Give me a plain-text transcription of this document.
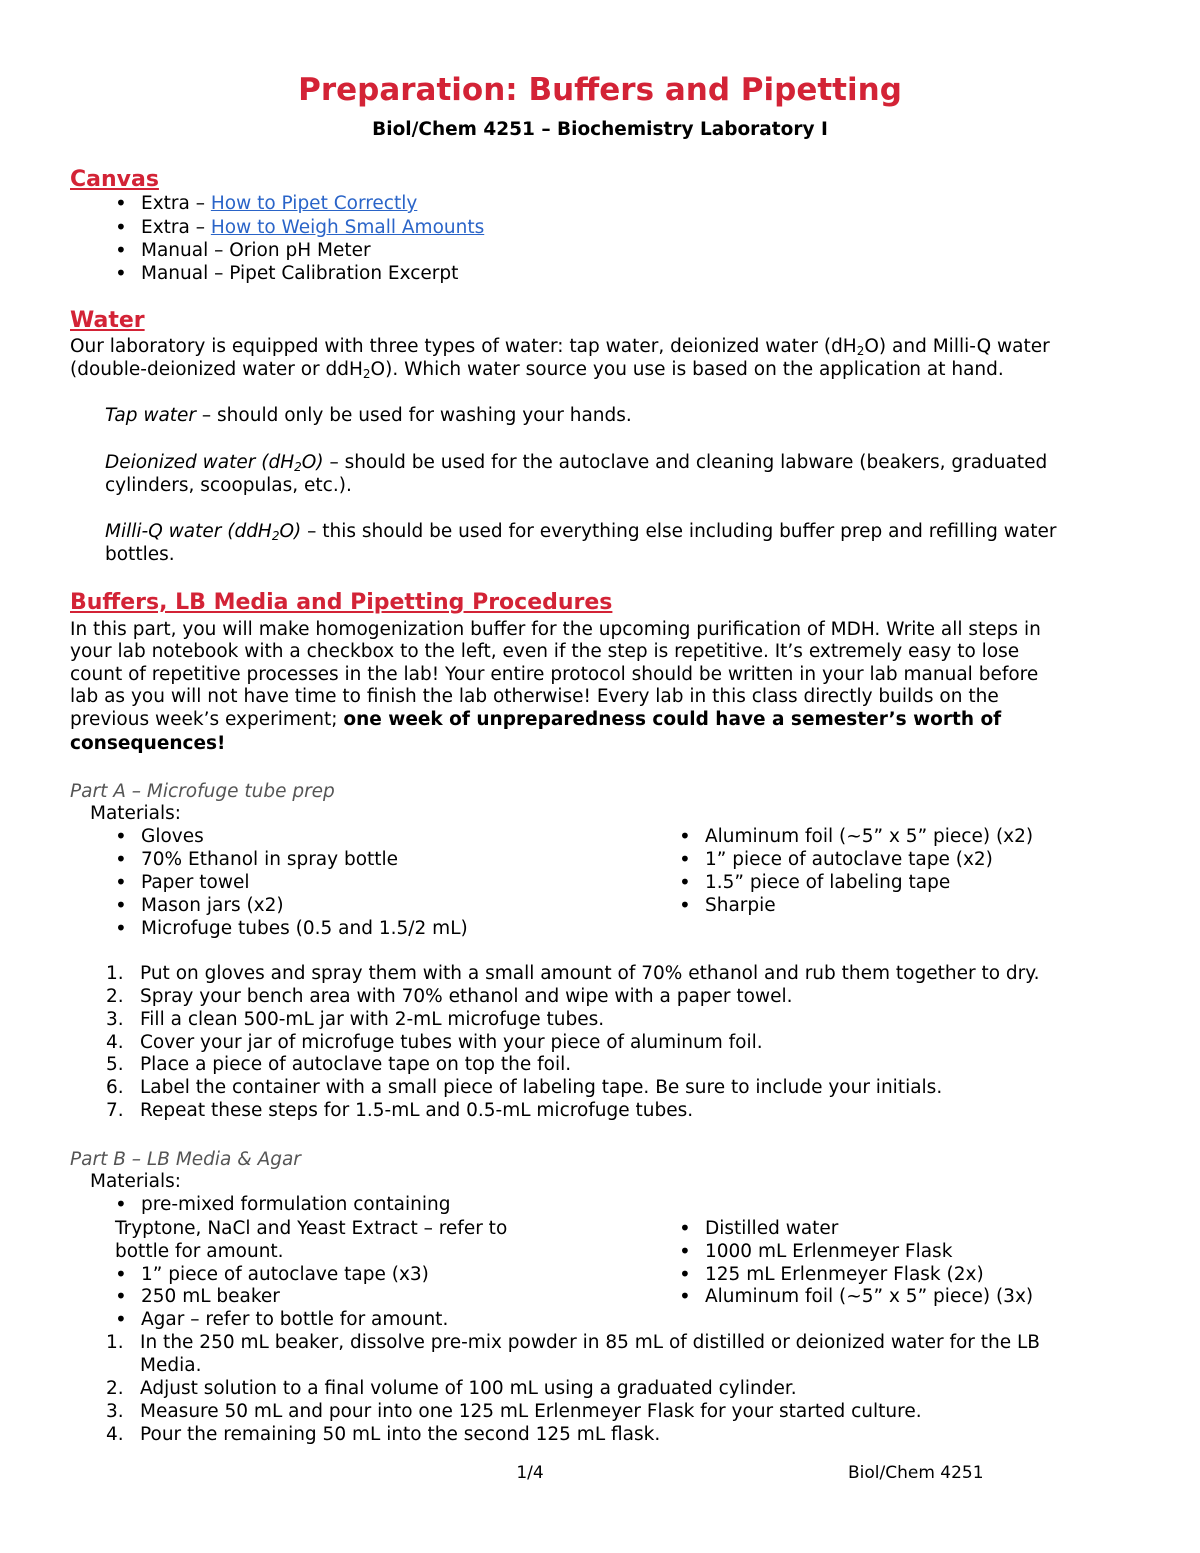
Preparation: Buffers and Pipetting

Biol/Chem 4251 – Biochemistry Laboratory I

Canvas
• Extra – How to Pipet Correctly
• Extra – How to Weigh Small Amounts
• Manual – Orion pH Meter
• Manual – Pipet Calibration Excerpt
Water

Our laboratory is equipped with three types of water: tap water, deionized water $(dH_2O)$ and Milli-Q water

(double-deionized water or ddH$_2$O). Which water source you use is based on the application at hand.

Tap water – should only be used for washing your hands.

Deionized water $(dH_2O)$ – should be used for the autoclave and cleaning labware (beakers, graduated

cylinders, scoopulas, etc.).

Milli-Q water (ddH$_2$O) – this should be used for everything else including buffer prep and refilling water

bottles.

Buffers, LB Media and Pipetting Procedures

In this part, you will make homogenization buffer for the upcoming purification of MDH. Write all steps in

your lab notebook with a checkbox to the left, even if the step is repetitive. It’s extremely easy to lose

count of repetitive processes in the lab! Your entire protocol should be written in your lab manual before

lab as you will not have time to finish the lab otherwise! Every lab in this class directly builds on the

previous week’s experiment; one week of unpreparedness could have a semester’s worth of

consequences!

Part A – Microfuge tube prep

Materials:

• Gloves
• 70% Ethanol in spray bottle
• Paper towel
• Mason jars (x2)
• Microfuge tubes (0.5 and 1.5/2 mL)
• Aluminum foil (~5” x 5” piece) (x2)
• 1” piece of autoclave tape (x2)
• 1.5” piece of labeling tape
• Sharpie
1. Put on gloves and spray them with a small amount of 70% ethanol and rub them together to dry.
2. Spray your bench area with 70% ethanol and wipe with a paper towel.
3. Fill a clean 500-mL jar with 2-mL microfuge tubes.
4. Cover your jar of microfuge tubes with your piece of aluminum foil.
5. Place a piece of autoclave tape on top the foil.
6. Label the container with a small piece of labeling tape. Be sure to include your initials.
7. Repeat these steps for 1.5-mL and 0.5-mL microfuge tubes.

Part B – LB Media & Agar

Materials:

• pre-mixed formulation containing

Tryptone, NaCl and Yeast Extract – refer to

bottle for amount.

• 1” piece of autoclave tape (x3)
• 250 mL beaker
• Agar – refer to bottle for amount.
• Distilled water
• 1000 mL Erlenmeyer Flask
• 125 mL Erlenmeyer Flask (2x)
• Aluminum foil (~5” x 5” piece) (3x)
1. In the 250 mL beaker, dissolve pre-mix powder in 85 mL of distilled or deionized water for the LB
Media.
2. Adjust solution to a final volume of 100 mL using a graduated cylinder.
3. Measure 50 mL and pour into one 125 mL Erlenmeyer Flask for your started culture.
4. Pour the remaining 50 mL into the second 125 mL flask.
1/4	Biol/Chem 4251
